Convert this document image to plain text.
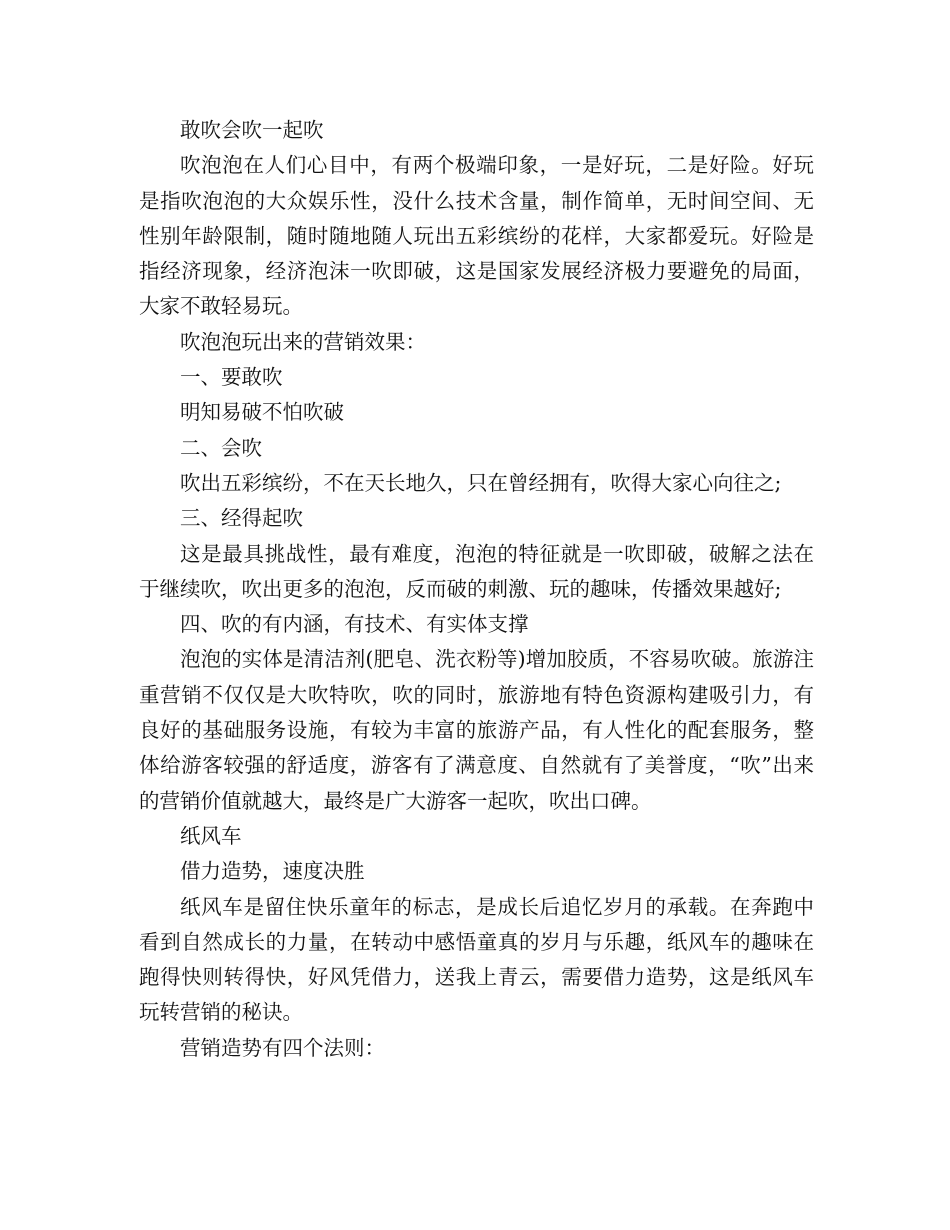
敢吹会吹一起吹

吹泡泡在人们心目中，有两个极端印象，一是好玩，二是好险。好玩是指吹泡泡的大众娱乐性，没什么技术含量，制作简单，无时间空间、无性别年龄限制，随时随地随人玩出五彩缤纷的花样，大家都爱玩。好险是指经济现象，经济泡沫一吹即破，这是国家发展经济极力要避免的局面，大家不敢轻易玩。

吹泡泡玩出来的营销效果：

一、要敢吹

明知易破不怕吹破

二、会吹

吹出五彩缤纷，不在天长地久，只在曾经拥有，吹得大家心向往之;

三、经得起吹

这是最具挑战性，最有难度，泡泡的特征就是一吹即破，破解之法在于继续吹，吹出更多的泡泡，反而破的刺激、玩的趣味，传播效果越好;

四、吹的有内涵，有技术、有实体支撑

泡泡的实体是清洁剂(肥皂、洗衣粉等)增加胶质，不容易吹破。旅游注重营销不仅仅是大吹特吹，吹的同时，旅游地有特色资源构建吸引力，有良好的基础服务设施，有较为丰富的旅游产品，有人性化的配套服务，整体给游客较强的舒适度，游客有了满意度、自然就有了美誉度，“吹”出来的营销价值就越大，最终是广大游客一起吹，吹出口碑。

纸风车

借力造势，速度决胜

纸风车是留住快乐童年的标志，是成长后追忆岁月的承载。在奔跑中看到自然成长的力量，在转动中感悟童真的岁月与乐趣，纸风车的趣味在跑得快则转得快，好风凭借力，送我上青云，需要借力造势，这是纸风车玩转营销的秘诀。

营销造势有四个法则：
